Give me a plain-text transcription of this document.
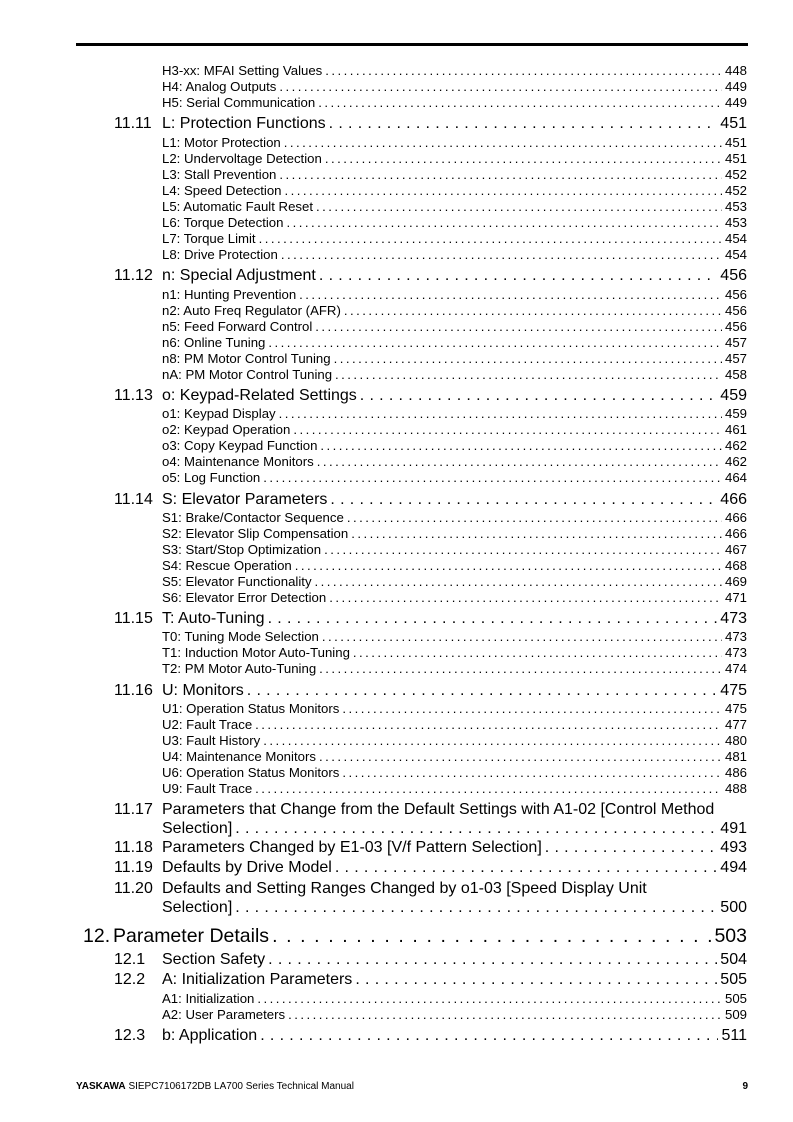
H3-xx: MFAI Setting Values . . .	448
H4: Analog Outputs . . .	449
H5: Serial Communication . . .	449
11.11 L: Protection Functions . . .	451
L1: Motor Protection . . .	451
L2: Undervoltage Detection . . .	451
L3: Stall Prevention . . .	452
L4: Speed Detection . . .	452
L5: Automatic Fault Reset . . .	453
L6: Torque Detection . . .	453
L7: Torque Limit . . .	454
L8: Drive Protection . . .	454
11.12 n: Special Adjustment . . .	456
n1: Hunting Prevention . . .	456
n2: Auto Freq Regulator (AFR) . . .	456
n5: Feed Forward Control . . .	456
n6: Online Tuning . . .	457
n8: PM Motor Control Tuning . . .	457
nA: PM Motor Control Tuning . . .	458
11.13 o: Keypad-Related Settings . . .	459
o1: Keypad Display . . .	459
o2: Keypad Operation . . .	461
o3: Copy Keypad Function . . .	462
o4: Maintenance Monitors . . .	462
o5: Log Function . . .	464
11.14 S: Elevator Parameters . . .	466
S1: Brake/Contactor Sequence . . .	466
S2: Elevator Slip Compensation . . .	466
S3: Start/Stop Optimization . . .	467
S4: Rescue Operation . . .	468
S5: Elevator Functionality . . .	469
S6: Elevator Error Detection . . .	471
11.15 T: Auto-Tuning . . .	473
T0: Tuning Mode Selection . . .	473
T1: Induction Motor Auto-Tuning . . .	473
T2: PM Motor Auto-Tuning . . .	474
11.16 U: Monitors . . .	475
U1: Operation Status Monitors . . .	475
U2: Fault Trace . . .	477
U3: Fault History . . .	480
U4: Maintenance Monitors . . .	481
U6: Operation Status Monitors . . .	486
U9: Fault Trace . . .	488
11.17 Parameters that Change from the Default Settings with A1-02 [Control Method
Selection] . . .	491
11.18 Parameters Changed by E1-03 [V/f Pattern Selection] . . .	493
11.19 Defaults by Drive Model . . .	494
11.20 Defaults and Setting Ranges Changed by o1-03 [Speed Display Unit
Selection] . . .	500
12. Parameter Details . . .	503
12.1 Section Safety . . .	504
12.2 A: Initialization Parameters . . .	505
A1: Initialization . . .	505
A2: User Parameters . . .	509
12.3 b: Application . . .	511
YASKAWA SIEPC7106172DB LA700 Series Technical Manual	9
